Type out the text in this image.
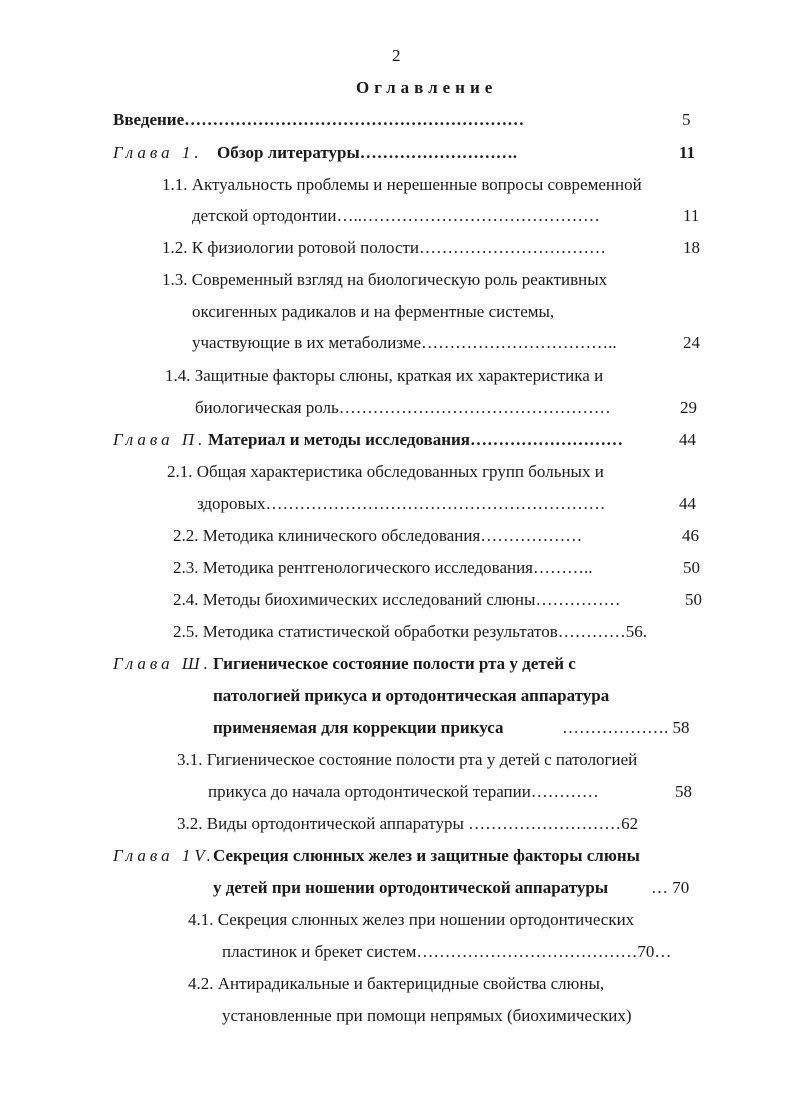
2
Оглавление
Введение……………………………………………………	5
Глава 1. Обзор литературы……………………….	11
1.1. Актуальность проблемы и нерешенные вопросы современной
детской ортодонтии…..……………………………………	11
1.2. К физиологии ротовой полости……………………………	18
1.3. Современный взгляд на биологическую роль реактивных
оксигенных радикалов и на ферментные системы,
участвующие в их метаболизме……………………………..	24
1.4. Защитные факторы слюны, краткая их характеристика и
биологическая роль…………………………………………	29
Глава П. Материал и методы исследования………………………	44
2.1. Общая характеристика обследованных групп больных и
здоровых……………………………………………………	44
2.2. Методика клинического обследования………………	46
2.3. Методика рентгенологического исследования………..	50
2.4. Методы биохимических исследований слюны……………	50
2.5. Методика статистической обработки результатов…………56.
Глава Ш. Гигиеническое состояние полости рта у детей с
патологией прикуса и ортодонтическая аппаратура
применяемая для коррекции прикуса	………………. 58
3.1. Гигиеническое состояние полости рта у детей с патологией
прикуса до начала ортодонтической терапии…………	58
3.2. Виды ортодонтической аппаратуры ………………………62
Глава 1V.
Секреция слюнных желез и защитные факторы слюны
у детей при ношении ортодонтической аппаратуры	… 70
4.1. Секреция слюнных желез при ношении ортодонтических
пластинок и брекет систем…………………………………70…
4.2. Антирадикальные и бактерицидные свойства слюны,
установленные при помощи непрямых (биохимических)
